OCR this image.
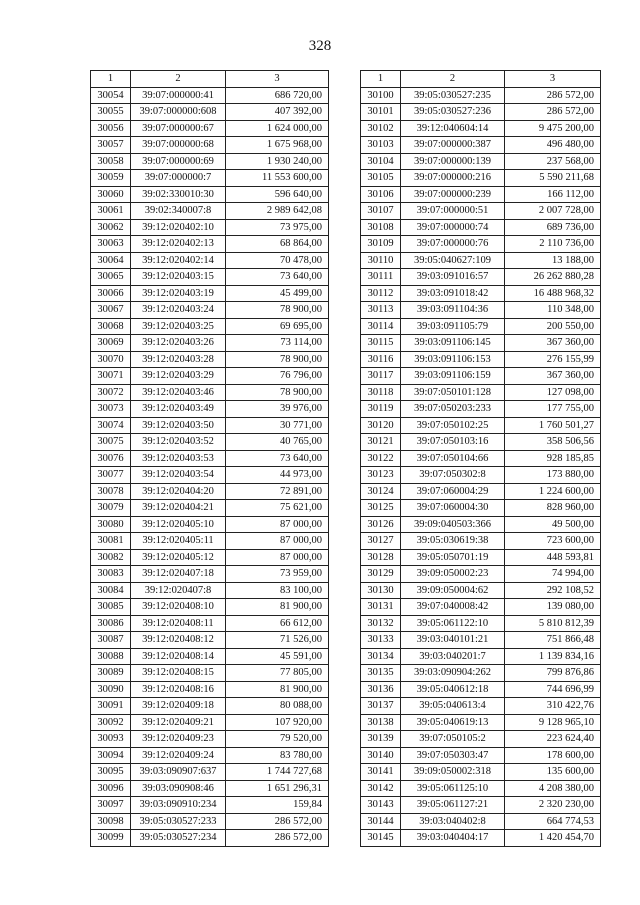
328
1	2	3
30054	39:07:000000:41	686 720,00
30055	39:07:000000:608	407 392,00
30056	39:07:000000:67	1 624 000,00
30057	39:07:000000:68	1 675 968,00
30058	39:07:000000:69	1 930 240,00
30059	39:07:000000:7	11 553 600,00
30060	39:02:330010:30	596 640,00
30061	39:02:340007:8	2 989 642,08
30062	39:12:020402:10	73 975,00
30063	39:12:020402:13	68 864,00
30064	39:12:020402:14	70 478,00
30065	39:12:020403:15	73 640,00
30066	39:12:020403:19	45 499,00
30067	39:12:020403:24	78 900,00
30068	39:12:020403:25	69 695,00
30069	39:12:020403:26	73 114,00
30070	39:12:020403:28	78 900,00
30071	39:12:020403:29	76 796,00
30072	39:12:020403:46	78 900,00
30073	39:12:020403:49	39 976,00
30074	39:12:020403:50	30 771,00
30075	39:12:020403:52	40 765,00
30076	39:12:020403:53	73 640,00
30077	39:12:020403:54	44 973,00
30078	39:12:020404:20	72 891,00
30079	39:12:020404:21	75 621,00
30080	39:12:020405:10	87 000,00
30081	39:12:020405:11	87 000,00
30082	39:12:020405:12	87 000,00
30083	39:12:020407:18	73 959,00
30084	39:12:020407:8	83 100,00
30085	39:12:020408:10	81 900,00
30086	39:12:020408:11	66 612,00
30087	39:12:020408:12	71 526,00
30088	39:12:020408:14	45 591,00
30089	39:12:020408:15	77 805,00
30090	39:12:020408:16	81 900,00
30091	39:12:020409:18	80 088,00
30092	39:12:020409:21	107 920,00
30093	39:12:020409:23	79 520,00
30094	39:12:020409:24	83 780,00
30095	39:03:090907:637	1 744 727,68
30096	39:03:090908:46	1 651 296,31
30097	39:03:090910:234	159,84
30098	39:05:030527:233	286 572,00
30099	39:05:030527:234	286 572,00
1	2	3
30100	39:05:030527:235	286 572,00
30101	39:05:030527:236	286 572,00
30102	39:12:040604:14	9 475 200,00
30103	39:07:000000:387	496 480,00
30104	39:07:000000:139	237 568,00
30105	39:07:000000:216	5 590 211,68
30106	39:07:000000:239	166 112,00
30107	39:07:000000:51	2 007 728,00
30108	39:07:000000:74	689 736,00
30109	39:07:000000:76	2 110 736,00
30110	39:05:040627:109	13 188,00
30111	39:03:091016:57	26 262 880,28
30112	39:03:091018:42	16 488 968,32
30113	39:03:091104:36	110 348,00
30114	39:03:091105:79	200 550,00
30115	39:03:091106:145	367 360,00
30116	39:03:091106:153	276 155,99
30117	39:03:091106:159	367 360,00
30118	39:07:050101:128	127 098,00
30119	39:07:050203:233	177 755,00
30120	39:07:050102:25	1 760 501,27
30121	39:07:050103:16	358 506,56
30122	39:07:050104:66	928 185,85
30123	39:07:050302:8	173 880,00
30124	39:07:060004:29	1 224 600,00
30125	39:07:060004:30	828 960,00
30126	39:09:040503:366	49 500,00
30127	39:05:030619:38	723 600,00
30128	39:05:050701:19	448 593,81
30129	39:09:050002:23	74 994,00
30130	39:09:050004:62	292 108,52
30131	39:07:040008:42	139 080,00
30132	39:05:061122:10	5 810 812,39
30133	39:03:040101:21	751 866,48
30134	39:03:040201:7	1 139 834,16
30135	39:03:090904:262	799 876,86
30136	39:05:040612:18	744 696,99
30137	39:05:040613:4	310 422,76
30138	39:05:040619:13	9 128 965,10
30139	39:07:050105:2	223 624,40
30140	39:07:050303:47	178 600,00
30141	39:09:050002:318	135 600,00
30142	39:05:061125:10	4 208 380,00
30143	39:05:061127:21	2 320 230,00
30144	39:03:040402:8	664 774,53
30145	39:03:040404:17	1 420 454,70
